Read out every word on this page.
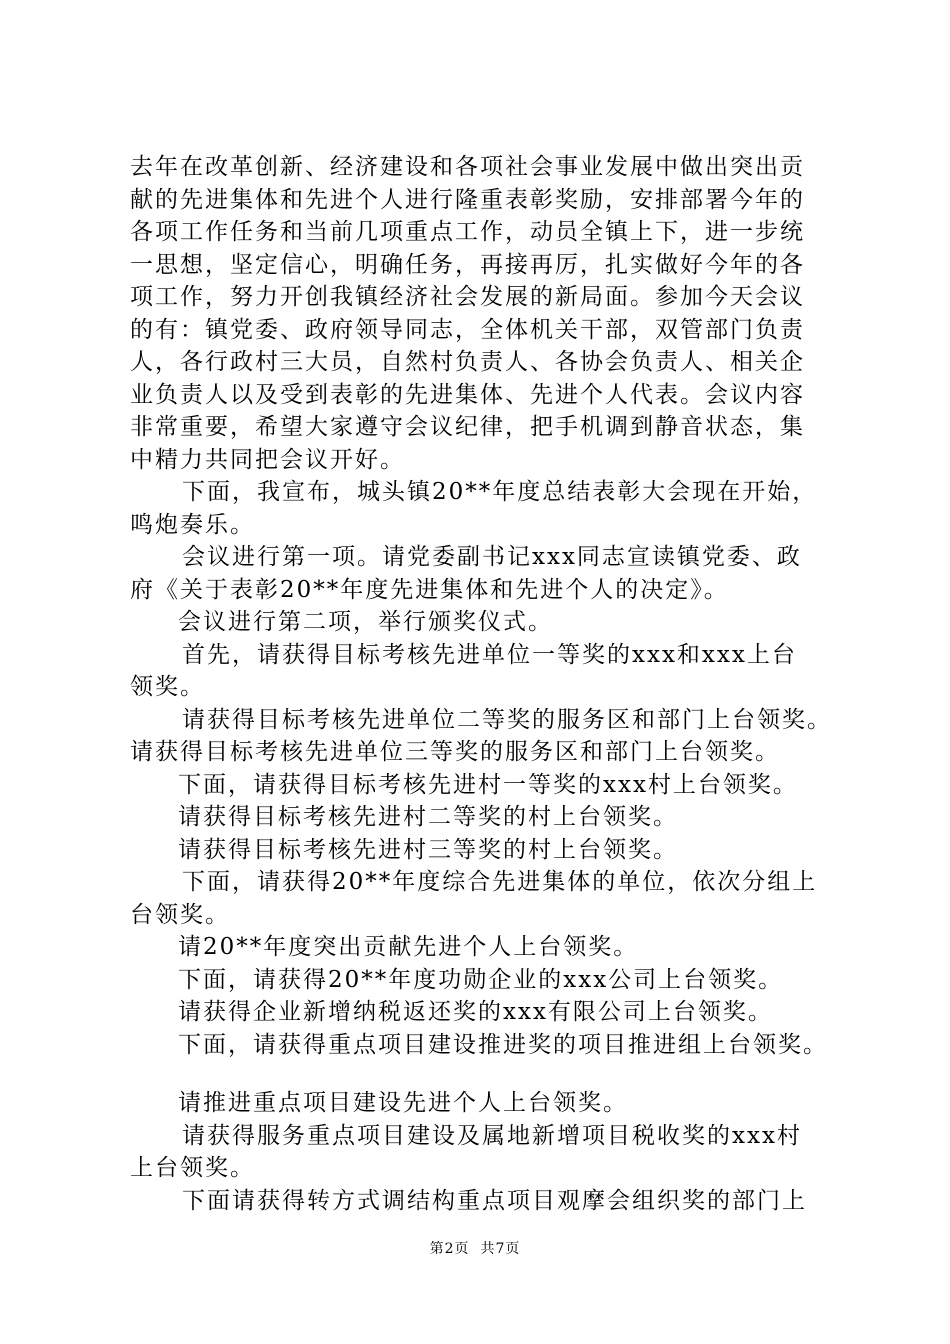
去年在改革创新、经济建设和各项社会事业发展中做出突出贡
献的先进集体和先进个人进行隆重表彰奖励，安排部署今年的
各项工作任务和当前几项重点工作，动员全镇上下，进一步统
一思想，坚定信心，明确任务，再接再厉，扎实做好今年的各
项工作，努力开创我镇经济社会发展的新局面。参加今天会议
的有：镇党委、政府领导同志，全体机关干部，双管部门负责
人，各行政村三大员，自然村负责人、各协会负责人、相关企
业负责人以及受到表彰的先进集体、先进个人代表。会议内容
非常重要，希望大家遵守会议纪律，把手机调到静音状态，集
中精力共同把会议开好。
下面，我宣布，城头镇20**年度总结表彰大会现在开始，
鸣炮奏乐。
会议进行第一项。请党委副书记xxx同志宣读镇党委、政
府《关于表彰20**年度先进集体和先进个人的决定》。
会议进行第二项，举行颁奖仪式。
首先，请获得目标考核先进单位一等奖的xxx和xxx上台
领奖。
请获得目标考核先进单位二等奖的服务区和部门上台领奖。
请获得目标考核先进单位三等奖的服务区和部门上台领奖。
下面，请获得目标考核先进村一等奖的xxx村上台领奖。
请获得目标考核先进村二等奖的村上台领奖。
请获得目标考核先进村三等奖的村上台领奖。
下面，请获得20**年度综合先进集体的单位，依次分组上
台领奖。
请20**年度突出贡献先进个人上台领奖。
下面，请获得20**年度功勋企业的xxx公司上台领奖。
请获得企业新增纳税返还奖的xxx有限公司上台领奖。
下面，请获得重点项目建设推进奖的项目推进组上台领奖。
请推进重点项目建设先进个人上台领奖。
请获得服务重点项目建设及属地新增项目税收奖的xxx村
上台领奖。
下面请获得转方式调结构重点项目观摩会组织奖的部门上
第2页  共7页
